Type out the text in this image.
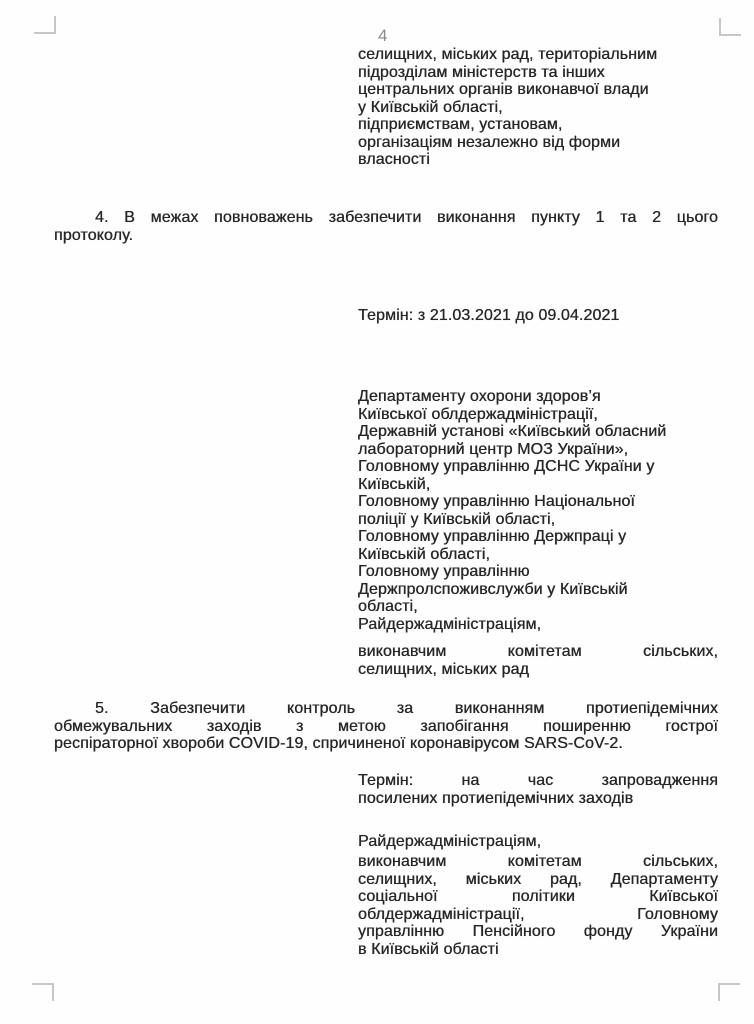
4
селищних, міських рад, територіальним
підрозділам міністерств та інших
центральних органів виконавчої влади
у Київській області,
підприємствам, установам,
організаціям незалежно від форми
власності
4. В межах повноважень забезпечити виконання пункту 1 та 2 цього
протоколу.
Термін: з 21.03.2021 до 09.04.2021
Департаменту охорони здоров’я
Київської облдержадміністрації,
Державній установі «Київський обласний
лабораторний центр МОЗ України»,
Головному управлінню ДСНС України у
Київській,
Головному управлінню Національної
поліції у Київській області,
Головному управлінню Держпраці у
Київській області,
Головному управлінню
Держпролспоживслужби у Київській
області,
Райдержадміністраціям,
виконавчим комітетам сільських,
селищних, міських рад
5. Забезпечити контроль за виконанням протиепідемічних
обмежувальних заходів з метою запобігання поширенню гострої
респіраторної хвороби COVID-19, спричиненої коронавірусом SARS-CoV-2.
Термін: на час запровадження
посилених протиепідемічних заходів
Райдержадміністраціям,
виконавчим комітетам сільських,
селищних, міських рад, Департаменту
соціальної політики Київської
облдержадміністрації, Головному
управлінню Пенсійного фонду України
в Київській області
